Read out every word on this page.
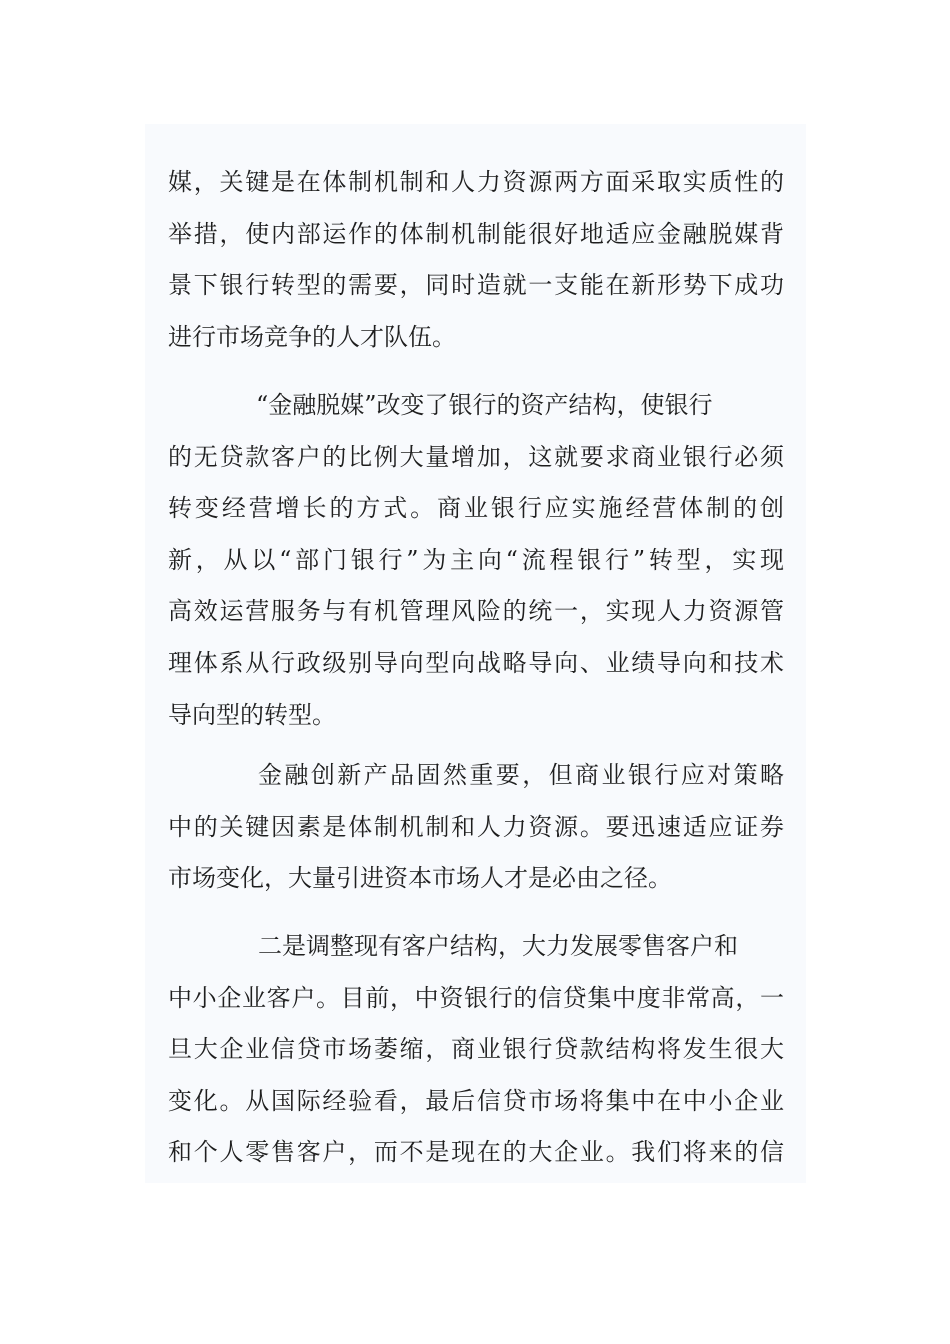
媒，关键是在体制机制和人力资源两方面采取实质性的
举措，使内部运作的体制机制能很好地适应金融脱媒背
景下银行转型的需要，同时造就一支能在新形势下成功
进行市场竞争的人才队伍。
“金融脱媒”改变了银行的资产结构，使银行
的无贷款客户的比例大量增加，这就要求商业银行必须
转变经营增长的方式。商业银行应实施经营体制的创
新，从以“部门银行”为主向“流程银行”转型，实现
高效运营服务与有机管理风险的统一，实现人力资源管
理体系从行政级别导向型向战略导向、业绩导向和技术
导向型的转型。
金融创新产品固然重要，但商业银行应对策略
中的关键因素是体制机制和人力资源。要迅速适应证券
市场变化，大量引进资本市场人才是必由之径。
二是调整现有客户结构，大力发展零售客户和
中小企业客户。目前，中资银行的信贷集中度非常高，一
旦大企业信贷市场萎缩，商业银行贷款结构将发生很大
变化。从国际经验看，最后信贷市场将集中在中小企业
和个人零售客户，而不是现在的大企业。我们将来的信
